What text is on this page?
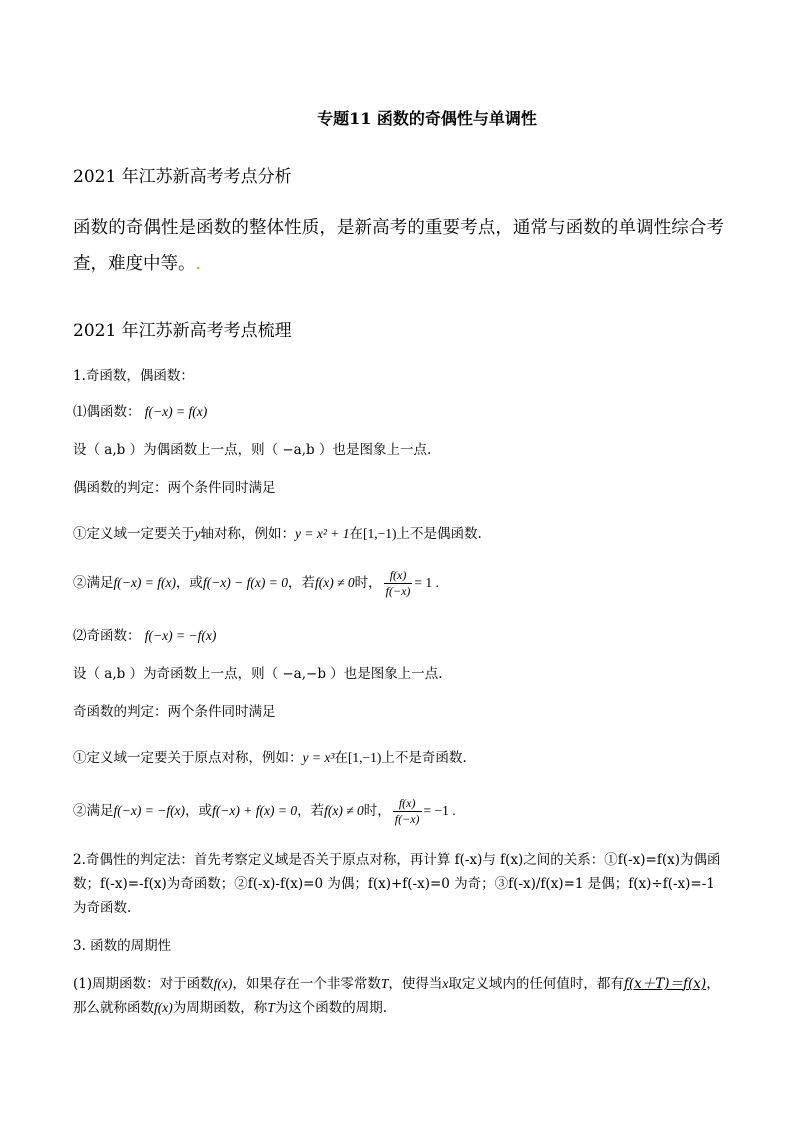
专题11 函数的奇偶性与单调性
2021 年江苏新高考考点分析
函数的奇偶性是函数的整体性质，是新高考的重要考点，通常与函数的单调性综合考查，难度中等。.
2021 年江苏新高考考点梳理
1.奇函数，偶函数：
⑴偶函数： f(−x) = f(x)
设（ a,b ）为偶函数上一点，则（ −a,b ）也是图象上一点.
偶函数的判定：两个条件同时满足
①定义域一定要关于y轴对称，例如：y = x² + 1在[1,−1)上不是偶函数.
②满足f(−x) = f(x)，或f(−x) − f(x) = 0，若f(x) ≠ 0时， $\frac{f(x)}{f(-x)} = 1$ .
⑵奇函数： f(−x) = −f(x)
设（ a,b ）为奇函数上一点，则（ −a,−b ）也是图象上一点.
奇函数的判定：两个条件同时满足
①定义域一定要关于原点对称，例如：y = x³在[1,−1)上不是奇函数.
②满足f(−x) = −f(x)，或f(−x) + f(x) = 0，若f(x) ≠ 0时， $\frac{f(x)}{f(-x)} = -1$ .
2.奇偶性的判定法：首先考察定义域是否关于原点对称，再计算 f(-x)与 f(x)之间的关系：①f(-x)=f(x)为偶函数；f(-x)=-f(x)为奇函数；②f(-x)-f(x)=0 为偶；f(x)+f(-x)=0 为奇；③f(-x)/f(x)=1 是偶；f(x)÷f(-x)=-1 为奇函数.
3. 函数的周期性
(1)周期函数：对于函数f(x)，如果存在一个非零常数T，使得当x取定义域内的任何值时，都有f(x＋T)＝f(x)，那么就称函数f(x)为周期函数，称T为这个函数的周期.
